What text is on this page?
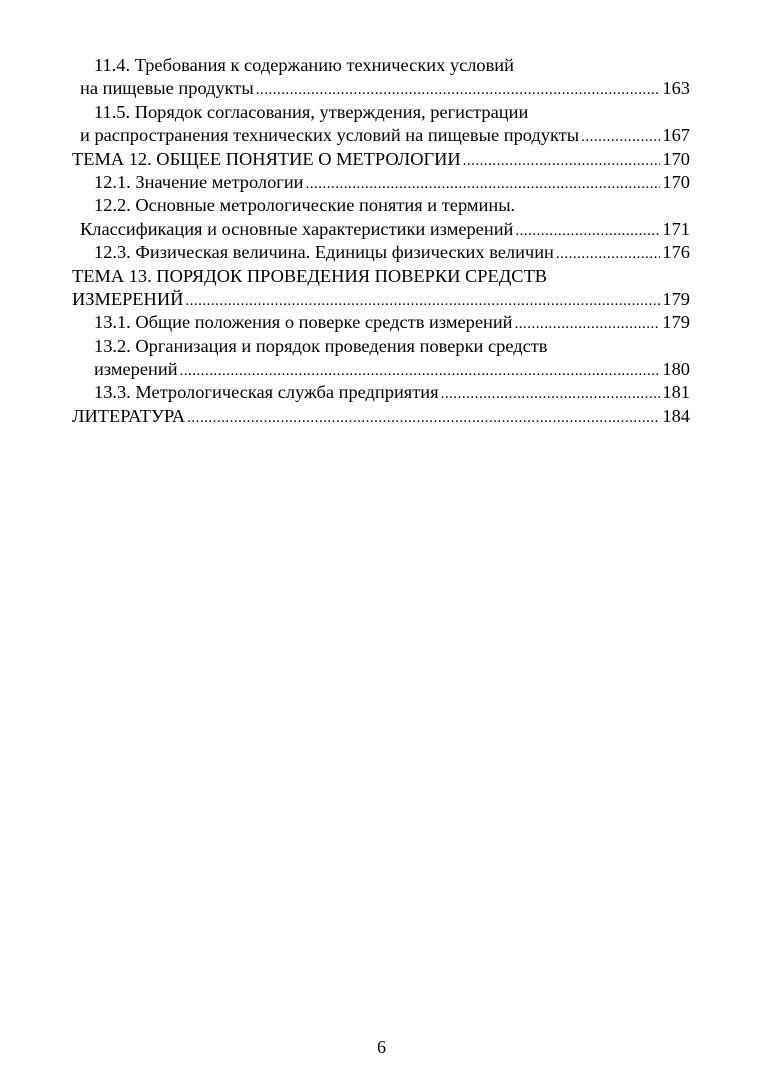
11.4. Требования к содержанию технических условий
на пищевые продукты .....	163
11.5. Порядок согласования, утверждения, регистрации
и распространения технических условий на пищевые продукты .....	167
ТЕМА 12. ОБЩЕЕ ПОНЯТИЕ О МЕТРОЛОГИИ .....	170
12.1. Значение метрологии .....	170
12.2. Основные метрологические понятия и термины.
Классификация и основные характеристики измерений .....	171
12.3. Физическая величина. Единицы физических величин .....	176
ТЕМА 13. ПОРЯДОК ПРОВЕДЕНИЯ ПОВЕРКИ СРЕДСТВ
ИЗМЕРЕНИЙ .....	179
13.1. Общие положения о поверке средств измерений .....	179
13.2. Организация и порядок проведения поверки средств
измерений .....	180
13.3. Метрологическая служба предприятия .....	181
ЛИТЕРАТУРА .....	184
6
